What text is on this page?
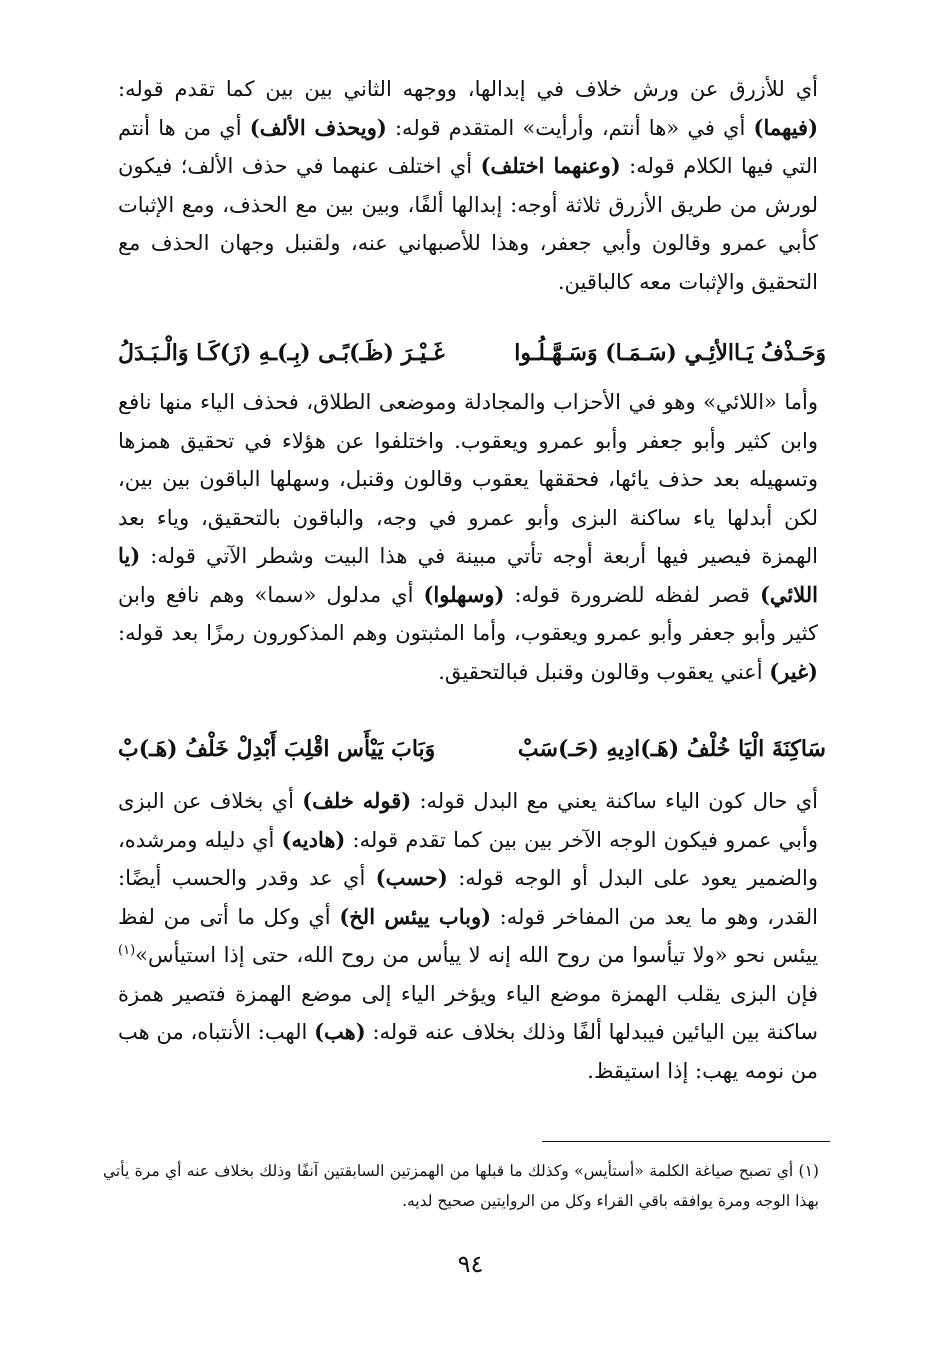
أي للأزرق عن ورش خلاف في إبدالها، ووجهه الثاني بين بين كما تقدم قوله: (فيهما) أي في «ها أنتم، وأرأيت» المتقدم قوله: (ويحذف الألف) أي من ها أنتم التي فيها الكلام قوله: (وعنهما اختلف) أي اختلف عنهما في حذف الألف؛ فيكون لورش من طريق الأزرق ثلاثة أوجه: إبدالها ألفًا، وبين بين مع الحذف، ومع الإثبات كأبي عمرو وقالون وأبي جعفر، وهذا للأصبهاني عنه، ولقنبل وجهان الحذف مع التحقيق والإثبات معه كالباقين.

وَحَـذْفُ يَـاالأئِـي (سَـمَـا) وَسَـهَّـلُـوا
غَـيْـرَ (ظَـ)بًـى (بِـ)ـهِ (زَ)كَـا وَالْـبَـدَلُ

وأما «اللائي» وهو في الأحزاب والمجادلة وموضعى الطلاق، فحذف الياء منها نافع وابن كثير وأبو جعفر وأبو عمرو ويعقوب. واختلفوا عن هؤلاء في تحقيق همزها وتسهيله بعد حذف يائها، فحققها يعقوب وقالون وقنبل، وسهلها الباقون بين بين، لكن أبدلها ياء ساكنة البزى وأبو عمرو في وجه، والباقون بالتحقيق، وياء بعد الهمزة فيصير فيها أربعة أوجه تأتي مبينة في هذا البيت وشطر الآتي قوله: (يا اللائي) قصر لفظه للضرورة قوله: (وسهلوا) أي مدلول «سما» وهم نافع وابن كثير وأبو جعفر وأبو عمرو ويعقوب، وأما المثبتون وهم المذكورون رمزًا بعد قوله: (غير) أعني يعقوب وقالون وقنبل فبالتحقيق.

سَاكِنَةَ الْيَا خُلْفُ (هَـ)ادِيهِ (حَـ)سَبْ
وَبَابَ يَيْأَس اقْلِبَ أَبْدِلْ خَلْفُ (هَـ)بْ

أي حال كون الياء ساكنة يعني مع البدل قوله: (قوله خلف) أي بخلاف عن البزى وأبي عمرو فيكون الوجه الآخر بين بين كما تقدم قوله: (هاديه) أي دليله ومرشده، والضمير يعود على البدل أو الوجه قوله: (حسب) أي عد وقدر والحسب أيضًا: القدر، وهو ما يعد من المفاخر قوله: (وباب ييئس الخ) أي وكل ما أتى من لفظ ييئس نحو «ولا تيأسوا من روح الله إنه لا ييأس من روح الله، حتى إذا استيأس»$^{(١)}$ فإن البزى يقلب الهمزة موضع الياء ويؤخر الياء إلى موضع الهمزة فتصير همزة ساكنة بين اليائين فيبدلها ألفًا وذلك بخلاف عنه قوله: (هب) الهب: الأنتباه، من هب من نومه يهب: إذا استيقظ.

(١) أي تصبح صياغة الكلمة «أستأيس» وكذلك ما قبلها من الهمزتين السابقتين آنفًا وذلك بخلاف عنه أي مرة يأتي بهذا الوجه ومرة يوافقه باقي القراء وكل من الروايتين صحيح لديه.

٩٤
